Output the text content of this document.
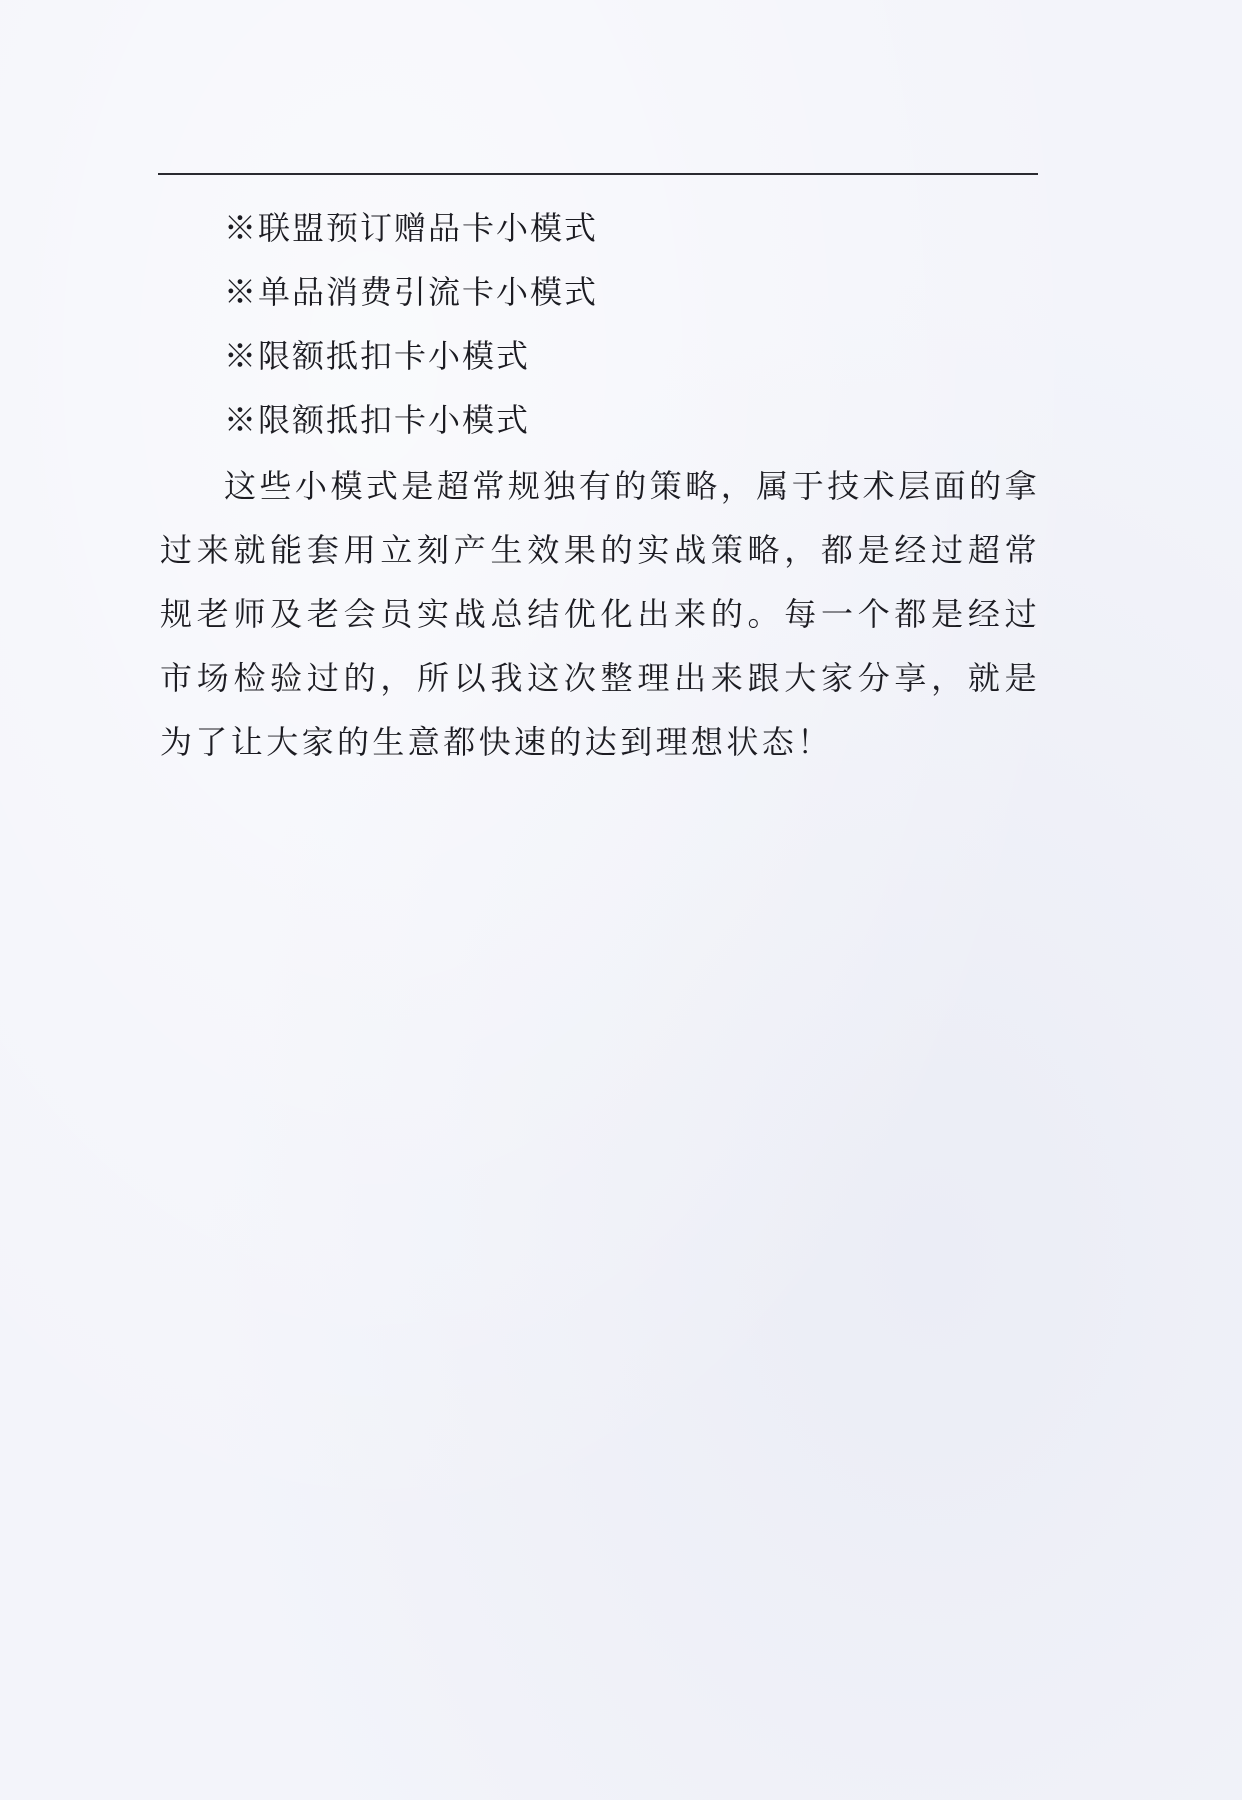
※联盟预订赠品卡小模式

※单品消费引流卡小模式

※限额抵扣卡小模式

※限额抵扣卡小模式

这些小模式是超常规独有的策略，属于技术层面的拿过来就能套用立刻产生效果的实战策略，都是经过超常规老师及老会员实战总结优化出来的。每一个都是经过市场检验过的，所以我这次整理出来跟大家分享，就是为了让大家的生意都快速的达到理想状态！
